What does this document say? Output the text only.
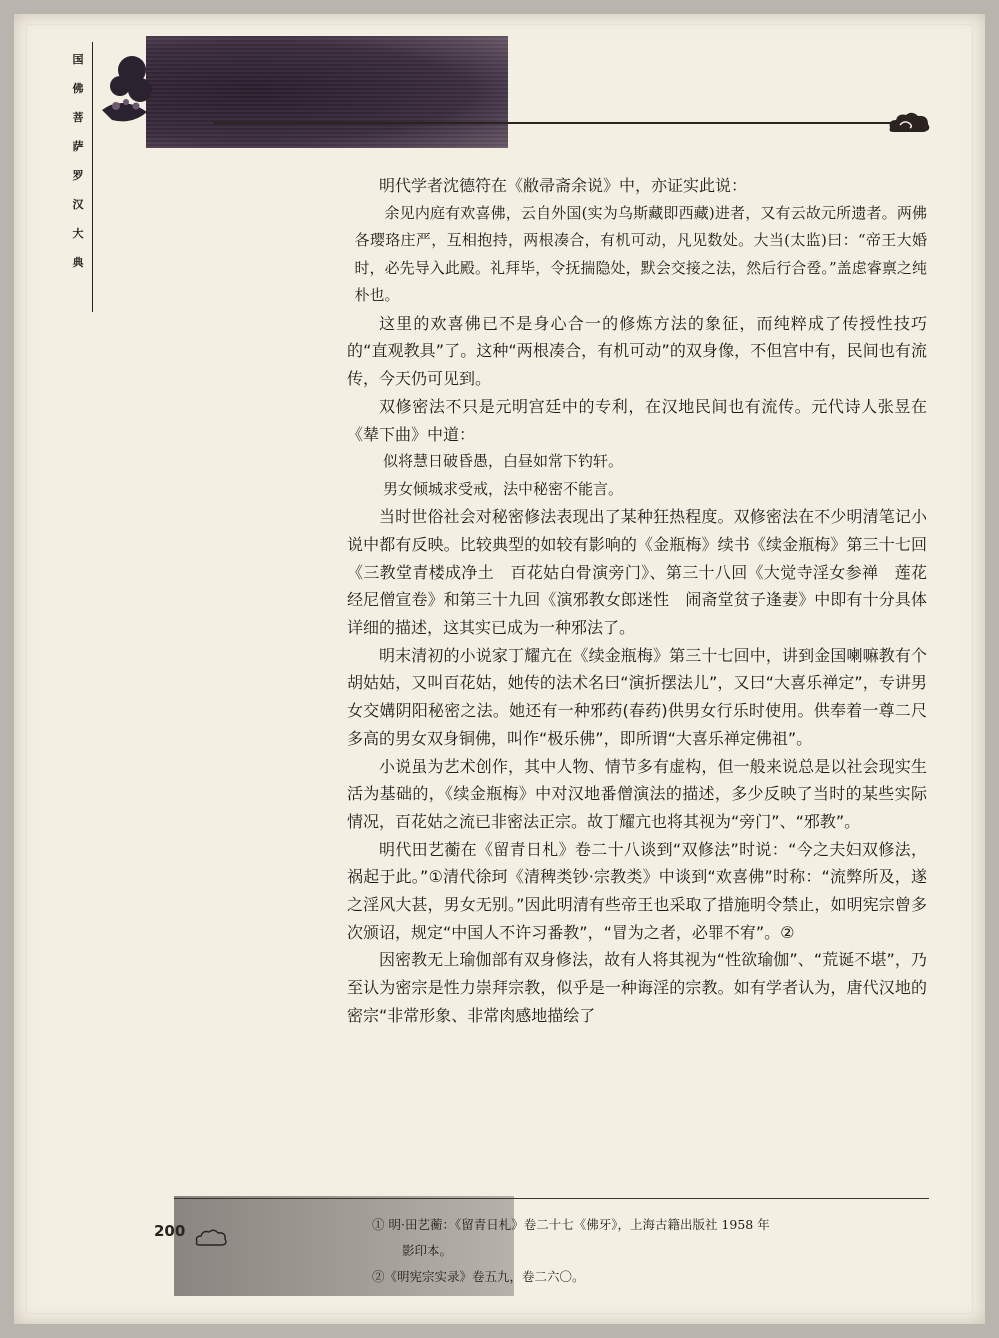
国
佛
菩
萨
罗
汉
大
典

明代学者沈德符在《敝帚斋余说》中，亦证实此说：

余见内庭有欢喜佛，云自外国(实为乌斯藏即西藏)进者，又有云故元所遗者。两佛各璎珞庄严，互相抱持，两根凑合，有机可动，凡见数处。大当(太监)曰：“帝王大婚时，必先导入此殿。礼拜毕，令抚揣隐处，默会交接之法，然后行合卺。”盖虑睿禀之纯朴也。

这里的欢喜佛已不是身心合一的修炼方法的象征，而纯粹成了传授性技巧的“直观教具”了。这种“两根凑合，有机可动”的双身像，不但宫中有，民间也有流传，今天仍可见到。

双修密法不只是元明宫廷中的专利，在汉地民间也有流传。元代诗人张昱在《辇下曲》中道：

似将慧日破昏愚，白昼如常下钓轩。

男女倾城求受戒，法中秘密不能言。

当时世俗社会对秘密修法表现出了某种狂热程度。双修密法在不少明清笔记小说中都有反映。比较典型的如较有影响的《金瓶梅》续书《续金瓶梅》第三十七回《三教堂青楼成净土　百花姑白骨演旁门》、第三十八回《大觉寺淫女参禅　莲花经尼僧宣卷》和第三十九回《演邪教女郎迷性　闹斋堂贫子逢妻》中即有十分具体详细的描述，这其实已成为一种邪法了。

明末清初的小说家丁耀亢在《续金瓶梅》第三十七回中，讲到金国喇嘛教有个胡姑姑，又叫百花姑，她传的法术名曰“演折摆法儿”，又曰“大喜乐禅定”，专讲男女交媾阴阳秘密之法。她还有一种邪药(春药)供男女行乐时使用。供奉着一尊二尺多高的男女双身铜佛，叫作“极乐佛”，即所谓“大喜乐禅定佛祖”。

小说虽为艺术创作，其中人物、情节多有虚构，但一般来说总是以社会现实生活为基础的，《续金瓶梅》中对汉地番僧演法的描述，多少反映了当时的某些实际情况，百花姑之流已非密法正宗。故丁耀亢也将其视为“旁门”、“邪教”。

明代田艺蘅在《留青日札》卷二十八谈到“双修法”时说：“今之夫妇双修法，祸起于此。”①清代徐珂《清稗类钞·宗教类》中谈到“欢喜佛”时称：“流弊所及，遂之淫风大甚，男女无别。”因此明清有些帝王也采取了措施明令禁止，如明宪宗曾多次颁诏，规定“中国人不许习番教”，“冒为之者，必罪不宥”。②

因密教无上瑜伽部有双身修法，故有人将其视为“性欲瑜伽”、“荒诞不堪”，乃至认为密宗是性力崇拜宗教，似乎是一种诲淫的宗教。如有学者认为，唐代汉地的密宗“非常形象、非常肉感地描绘了

200	① 明·田艺蘅：《留青日札》卷二十七《佛牙》，上海古籍出版社 1958 年

影印本。

②《明宪宗实录》卷五九，卷二六〇。
